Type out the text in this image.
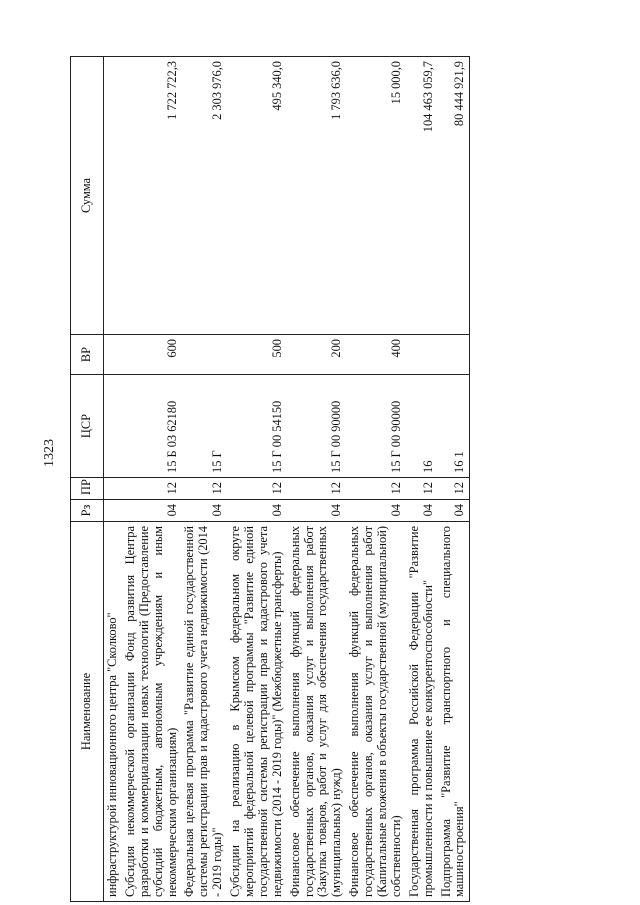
1323
Наименование	Рз	ПР	ЦСР	ВР	Сумма
инфраструктурой инновационного центра "Сколково"					
Субсидия некоммерческой организации Фонд развития Центра разработки и коммерциализации новых технологий (Предоставление субсидий бюджетным, автономным учреждениям и иным некоммерческим организациям)	04	12	15 Б 03 62180	600	1 722 722,3
Федеральная целевая программа "Развитие единой государственной системы регистрации прав и кадастрового учета недвижимости (2014 - 2019 годы)"	04	12	15 Г		2 303 976,0
Субсидии на реализацию в Крымском федеральном округе мероприятий федеральной целевой программы "Развитие единой государственной системы регистрации прав и кадастрового учета недвижимости (2014 - 2019 годы)" (Межбюджетные трансферты)	04	12	15 Г 00 54150	500	495 340,0
Финансовое обеспечение выполнения функций федеральных государственных органов, оказания услуг и выполнения работ (Закупка товаров, работ и услуг для обеспечения государственных (муниципальных) нужд)	04	12	15 Г 00 90000	200	1 793 636,0
Финансовое обеспечение выполнения функций федеральных государственных органов, оказания услуг и выполнения работ (Капитальные вложения в объекты государственной (муниципальной) собственности)	04	12	15 Г 00 90000	400	15 000,0
Государственная программа Российской Федерации "Развитие промышленности и повышение ее конкурентоспособности"	04	12	16		104 463 059,7
Подпрограмма "Развитие транспортного и специального машиностроения"	04	12	16 1		80 444 921,9
